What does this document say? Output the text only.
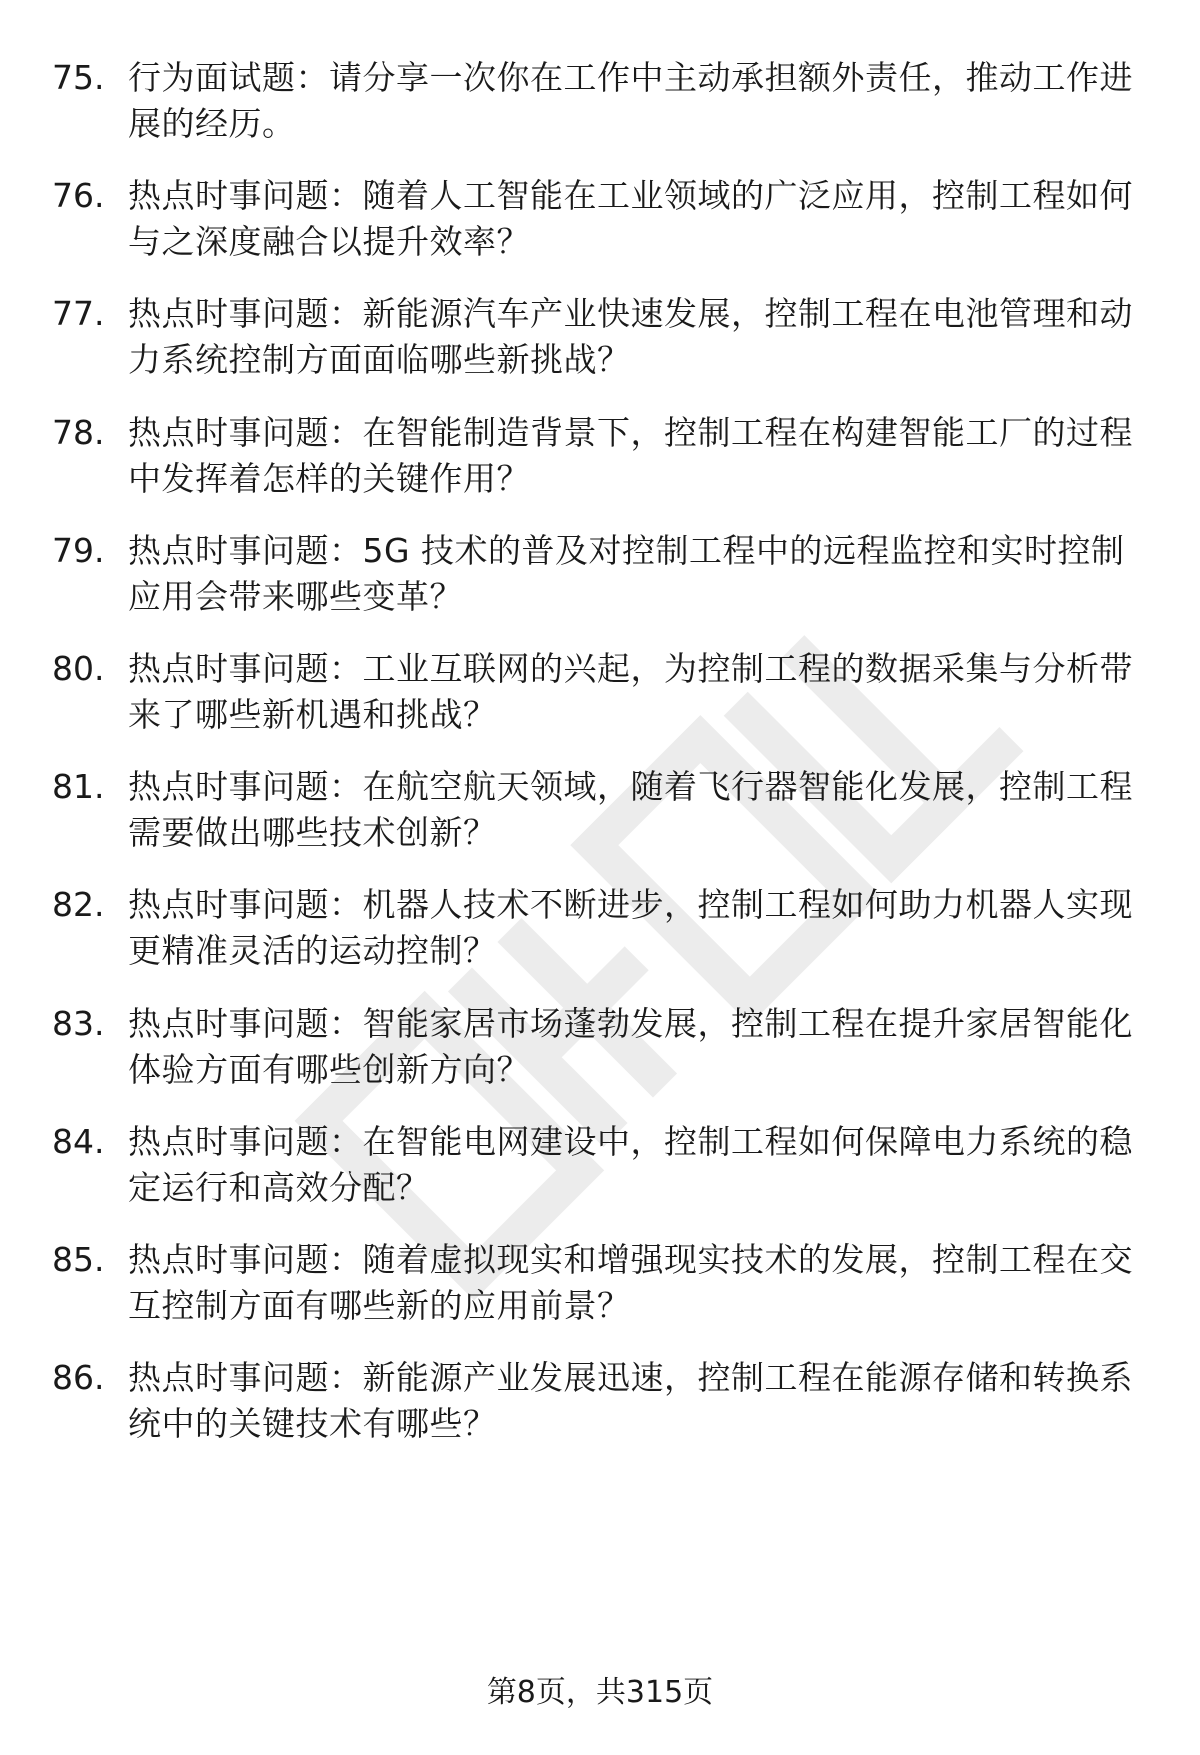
75. 行为面试题：请分享一次你在工作中主动承担额外责任，推动工作进展的经历。
76. 热点时事问题：随着人工智能在工业领域的广泛应用，控制工程如何与之深度融合以提升效率？
77. 热点时事问题：新能源汽车产业快速发展，控制工程在电池管理和动力系统控制方面面临哪些新挑战？
78. 热点时事问题：在智能制造背景下，控制工程在构建智能工厂的过程中发挥着怎样的关键作用？
79. 热点时事问题：5G 技术的普及对控制工程中的远程监控和实时控制应用会带来哪些变革？
80. 热点时事问题：工业互联网的兴起，为控制工程的数据采集与分析带来了哪些新机遇和挑战？
81. 热点时事问题：在航空航天领域，随着飞行器智能化发展，控制工程需要做出哪些技术创新？
82. 热点时事问题：机器人技术不断进步，控制工程如何助力机器人实现更精准灵活的运动控制？
83. 热点时事问题：智能家居市场蓬勃发展，控制工程在提升家居智能化体验方面有哪些创新方向？
84. 热点时事问题：在智能电网建设中，控制工程如何保障电力系统的稳定运行和高效分配？
85. 热点时事问题：随着虚拟现实和增强现实技术的发展，控制工程在交互控制方面有哪些新的应用前景？
86. 热点时事问题：新能源产业发展迅速，控制工程在能源存储和转换系统中的关键技术有哪些？
第8页，共315页
